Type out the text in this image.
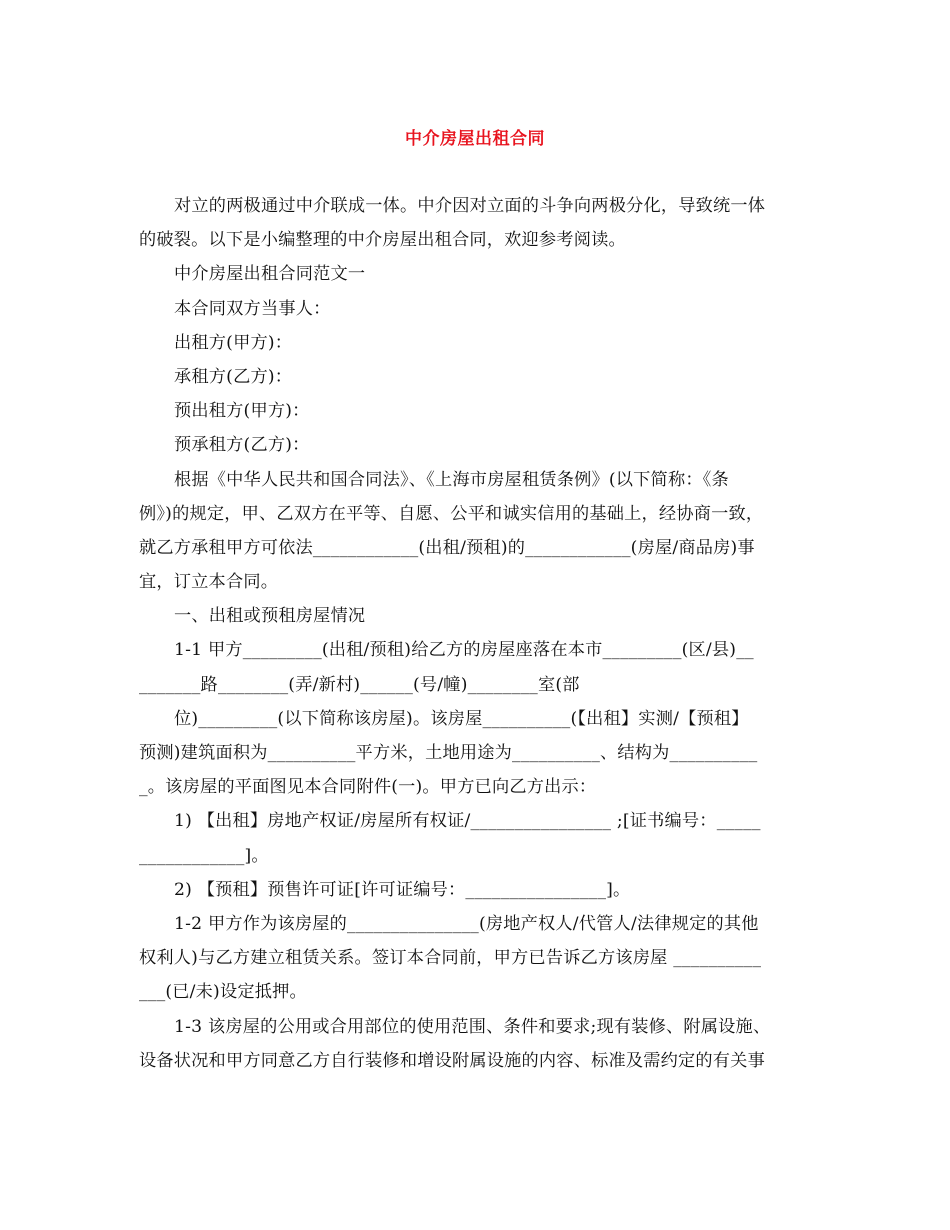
中介房屋出租合同
对立的两极通过中介联成一体。中介因对立面的斗争向两极分化，导致统一体
的破裂。以下是小编整理的中介房屋出租合同，欢迎参考阅读。
中介房屋出租合同范文一
本合同双方当事人：
出租方(甲方)：
承租方(乙方)：
预出租方(甲方)：
预承租方(乙方)：
根据《中华人民共和国合同法》、《上海市房屋租赁条例》(以下简称：《条
例》)的规定，甲、乙双方在平等、自愿、公平和诚实信用的基础上，经协商一致，
就乙方承租甲方可依法____________(出租/预租)的____________(房屋/商品房)事
宜，订立本合同。
一、出租或预租房屋情况
1-1 甲方_________(出租/预租)给乙方的房屋座落在本市_________(区/县)__
_______路________(弄/新村)______(号/幢)________室(部
位)_________(以下简称该房屋)。该房屋__________(【出租】实测/【预租】
预测)建筑面积为__________平方米，土地用途为__________、结构为__________
_。该房屋的平面图见本合同附件(一)。甲方已向乙方出示：
1) 【出租】房地产权证/房屋所有权证/________________ ;[证书编号：_____
____________]。
2) 【预租】预售许可证[许可证编号：________________]。
1-2 甲方作为该房屋的_______________(房地产权人/代管人/法律规定的其他
权利人)与乙方建立租赁关系。签订本合同前，甲方已告诉乙方该房屋 __________
___(已/未)设定抵押。
1-3 该房屋的公用或合用部位的使用范围、条件和要求;现有装修、附属设施、
设备状况和甲方同意乙方自行装修和增设附属设施的内容、标准及需约定的有关事
